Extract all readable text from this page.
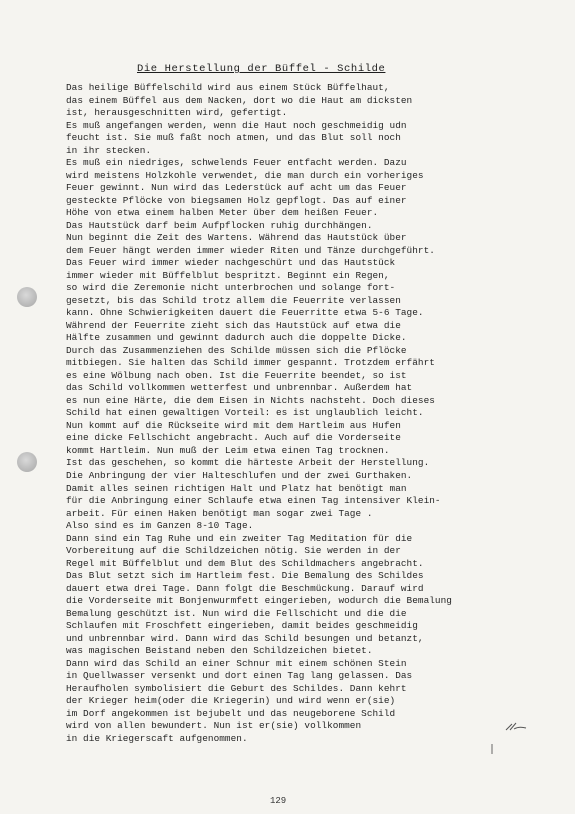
Die Herstellung der Büffel - Schilde
Das heilige Büffelschild wird aus einem Stück Büffelhaut,
das einem Büffel aus dem Nacken, dort wo die Haut am dicksten
ist, herausgeschnitten wird, gefertigt.
Es muß angefangen werden, wenn die Haut noch geschmeidig udn
feucht ist. Sie muß faßt noch atmen, und das Blut soll noch
in ihr stecken.
Es muß ein niedriges, schwelends Feuer entfacht werden. Dazu
wird meistens Holzkohle verwendet, die man durch ein vorheriges
Feuer gewinnt. Nun wird das Lederstück auf acht um das Feuer
gesteckte Pflöcke von biegsamen Holz gepflogt. Das auf einer
Höhe von etwa einem halben Meter über dem heißen Feuer.
Das Hautstück darf beim Aufpflocken ruhig durchhängen.
Nun beginnt die Zeit des Wartens. Während das Hautstück über
dem Feuer hängt werden immer wieder Riten und Tänze durchgeführt.
Das Feuer wird immer wieder nachgeschürt und das Hautstück
immer wieder mit Büffelblut bespritzt. Beginnt ein Regen,
so wird die Zeremonie nicht unterbrochen und solange fort-
gesetzt, bis das Schild trotz allem die Feuerrite verlassen
kann. Ohne Schwierigkeiten dauert die Feuerritte etwa 5-6 Tage.
Während der Feuerrite zieht sich das Hautstück auf etwa die
Hälfte zusammen und gewinnt dadurch auch die doppelte Dicke.
Durch das Zusammenziehen des Schilde müssen sich die Pflöcke
mitbiegen. Sie halten das Schild immer gespannt. Trotzdem erfährt
es eine Wölbung nach oben. Ist die Feuerrite beendet, so ist
das Schild vollkommen wetterfest und unbrennbar. Außerdem hat
es nun eine Härte, die dem Eisen in Nichts nachsteht. Doch dieses
Schild hat einen gewaltigen Vorteil: es ist unglaublich leicht.
Nun kommt auf die Rückseite wird mit dem Hartleim aus Hufen
eine dicke Fellschicht angebracht. Auch auf die Vorderseite
kommt Hartleim. Nun muß der Leim etwa einen Tag trocknen.
Ist das geschehen, so kommt die härteste Arbeit der Herstellung.
Die Anbringung der vier Halteschlufen und der zwei Gurthaken.
Damit alles seinen richtigen Halt und Platz hat benötigt man
für die Anbringung einer Schlaufe etwa einen Tag intensiver Klein-
arbeit. Für einen Haken benötigt man sogar zwei Tage .
Also sind es im Ganzen 8-10 Tage.
Dann sind ein Tag Ruhe und ein zweiter Tag Meditation für die
Vorbereitung auf die Schildzeichen nötig. Sie werden in der
Regel mit Büffelblut und dem Blut des Schildmachers angebracht.
Das Blut setzt sich im Hartleim fest. Die Bemalung des Schildes
dauert etwa drei Tage. Dann folgt die Beschmückung. Darauf wird
die Vorderseite mit Bonjenwurmfett eingerieben, wodurch die Bemalung
Bemalung geschützt ist. Nun wird die Fellschicht und die die
Schlaufen mit Froschfett eingerieben, damit beides geschmeidig
und unbrennbar wird. Dann wird das Schild besungen und betanzt,
was magischen Beistand neben den Schildzeichen bietet.
Dann wird das Schild an einer Schnur mit einem schönen Stein
in Quellwasser versenkt und dort einen Tag lang gelassen. Das
Heraufholen symbolisiert die Geburt des Schildes. Dann kehrt
der Krieger heim(oder die Kriegerin) und wird wenn er(sie)
im Dorf angekommen ist bejubelt und das neugeborene Schild
wird von allen bewundert. Nun ist er(sie) vollkommen
in die Kriegerscaft aufgenommen.
129
